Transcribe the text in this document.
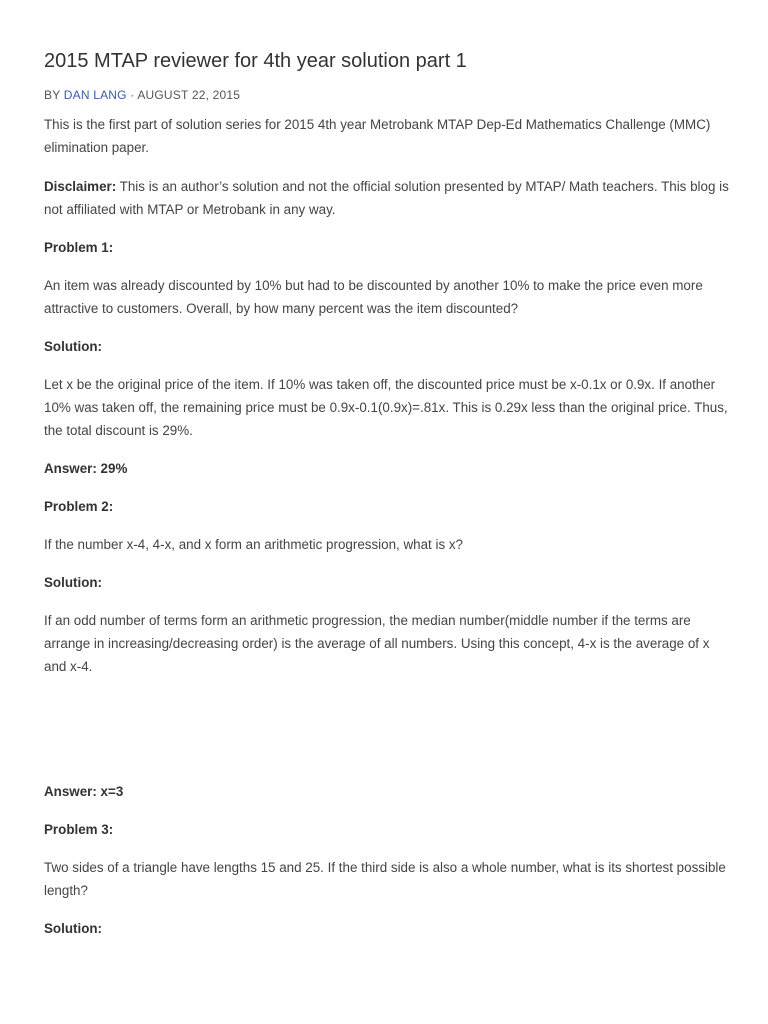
2015 MTAP reviewer for 4th year solution part 1
BY DAN LANG · AUGUST 22, 2015

This is the first part of solution series for 2015 4th year Metrobank MTAP Dep-Ed Mathematics Challenge (MMC) elimination paper.

Disclaimer: This is an author’s solution and not the official solution presented by MTAP/ Math teachers. This blog is not affiliated with MTAP or Metrobank in any way.

Problem 1:

An item was already discounted by 10% but had to be discounted by another 10% to make the price even more attractive to customers. Overall, by how many percent was the item discounted?

Solution:

Let x be the original price of the item. If 10% was taken off, the discounted price must be x-0.1x or 0.9x. If another 10% was taken off, the remaining price must be 0.9x-0.1(0.9x)=.81x. This is 0.29x less than the original price. Thus, the total discount is 29%.

Answer: 29%

Problem 2:

If the number x-4, 4-x, and x form an arithmetic progression, what is x?

Solution:

If an odd number of terms form an arithmetic progression, the median number(middle number if the terms are arrange in increasing/decreasing order) is the average of all numbers. Using this concept, 4-x is the average of x and x-4.

Answer: x=3

Problem 3:

Two sides of a triangle have lengths 15 and 25. If the third side is also a whole number, what is its shortest possible length?

Solution:
